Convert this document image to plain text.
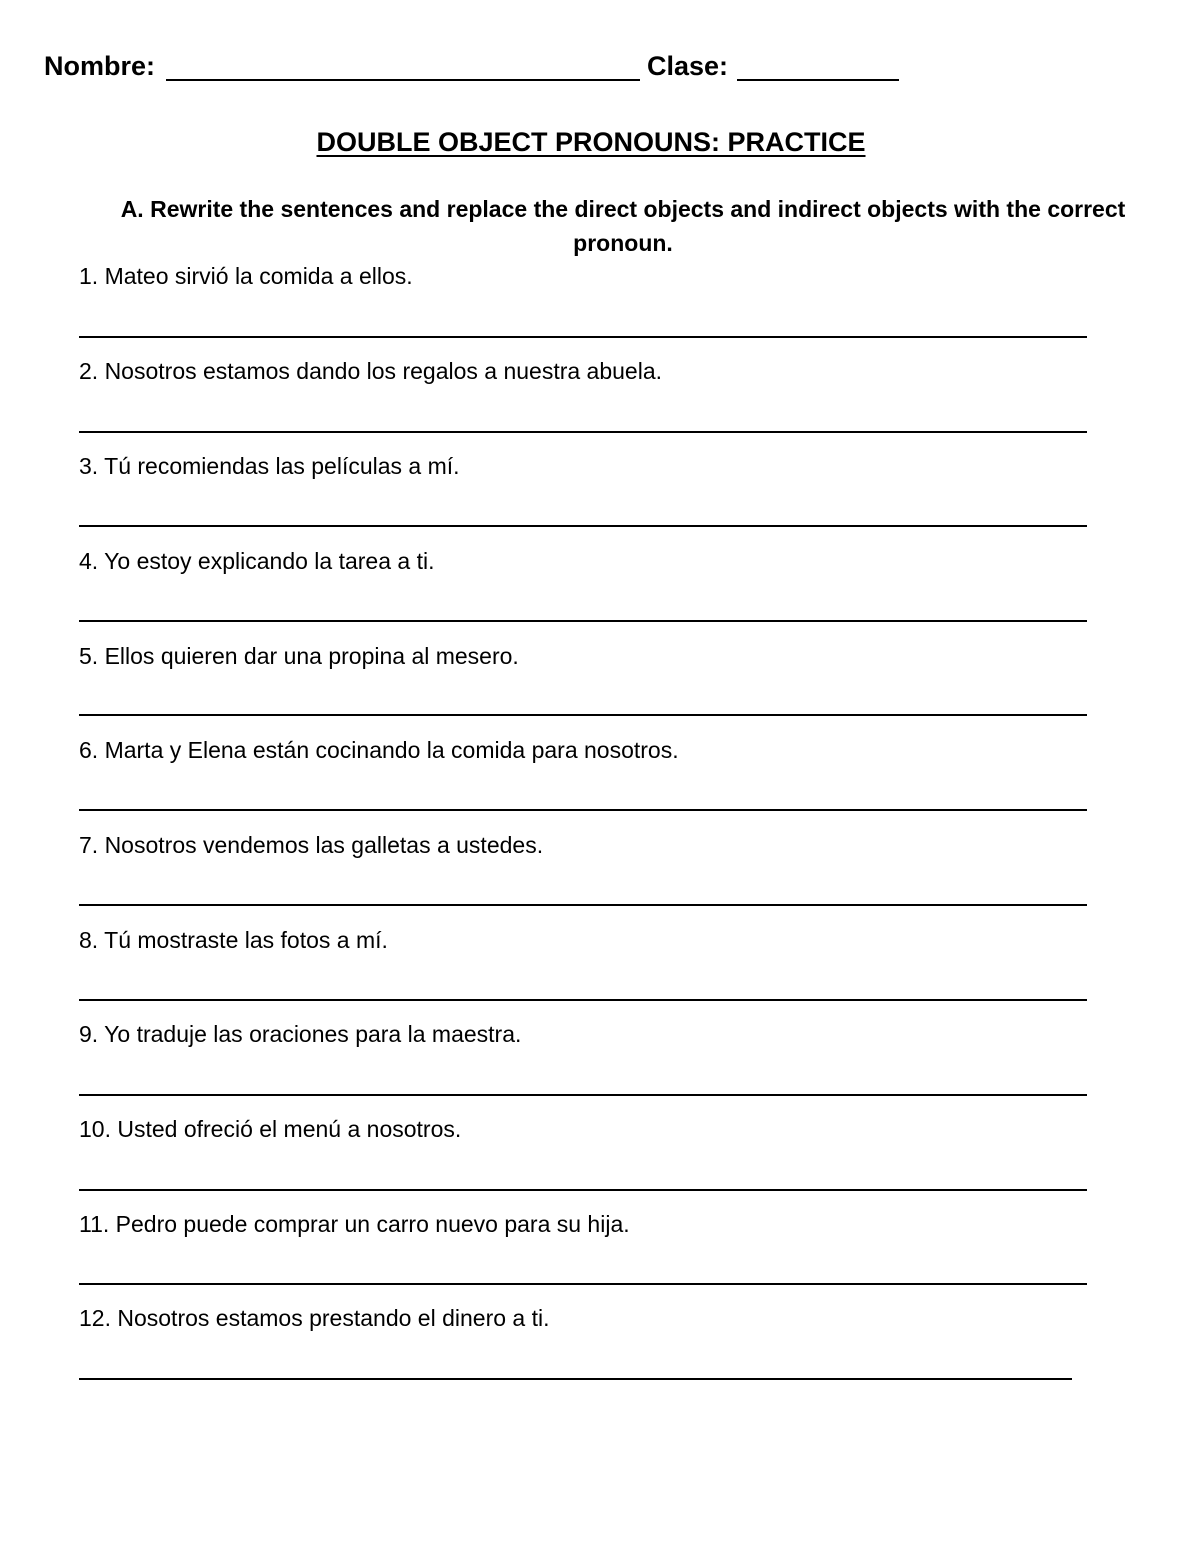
Nombre:	Clase:
DOUBLE OBJECT PRONOUNS: PRACTICE
A. Rewrite the sentences and replace the direct objects and indirect objects with the correct pronoun.
1. Mateo sirvió la comida a ellos.
2. Nosotros estamos dando los regalos a nuestra abuela.
3. Tú recomiendas las películas a mí.
4. Yo estoy explicando la tarea a ti.
5. Ellos quieren dar una propina al mesero.
6. Marta y Elena están cocinando la comida para nosotros.
7. Nosotros vendemos las galletas a ustedes.
8. Tú mostraste las fotos a mí.
9. Yo traduje las oraciones para la maestra.
10. Usted ofreció el menú a nosotros.
11. Pedro puede comprar un carro nuevo para su hija.
12. Nosotros estamos prestando el dinero a ti.
